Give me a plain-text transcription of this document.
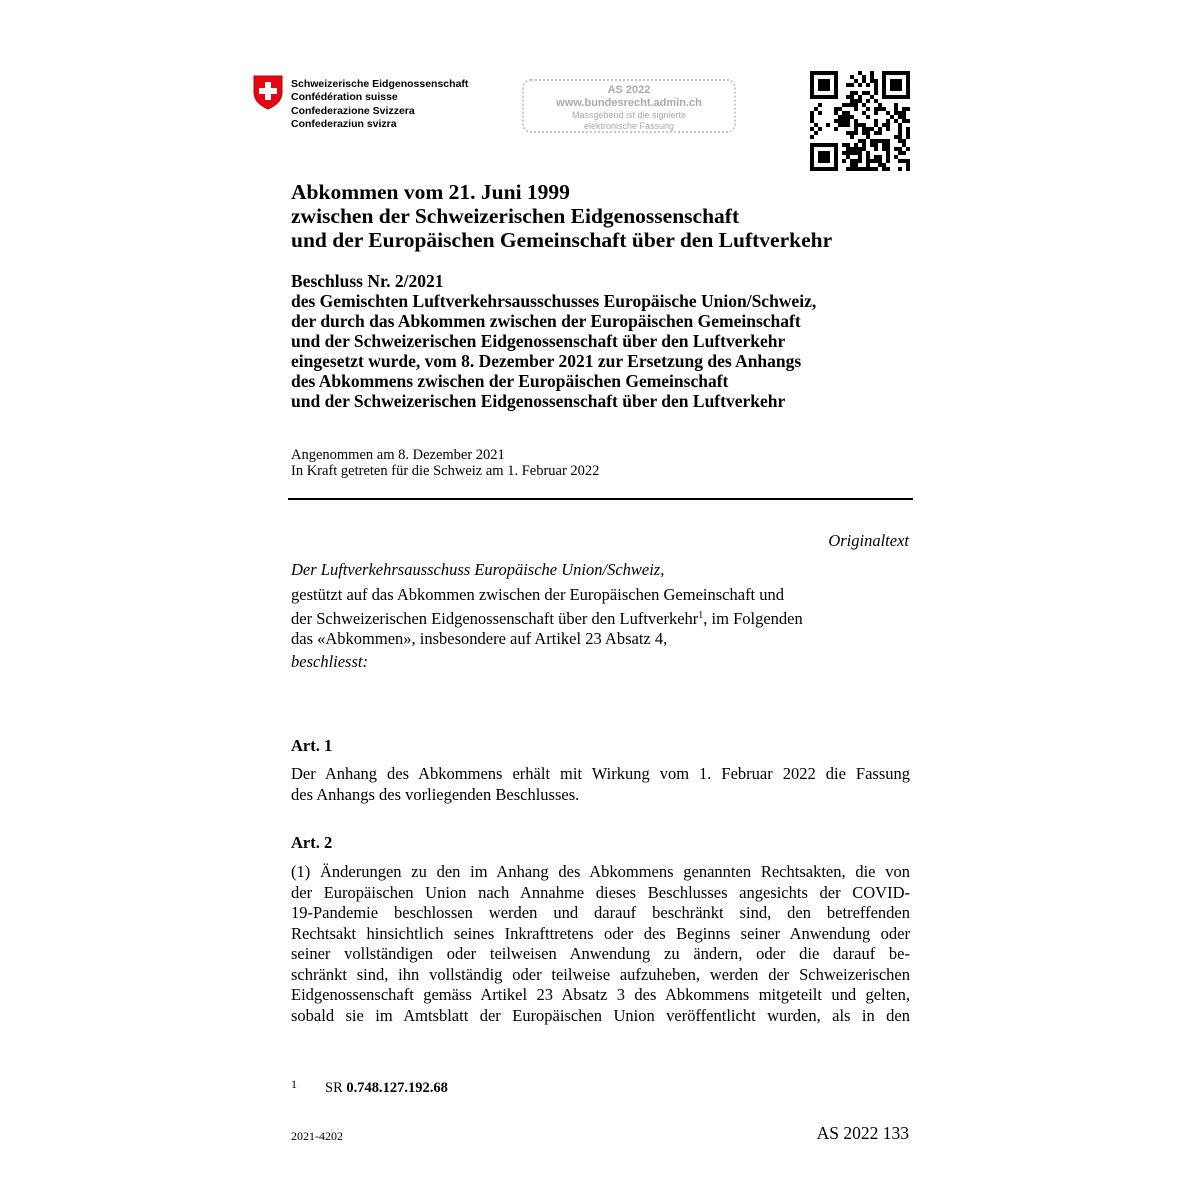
Schweizerische Eidgenossenschaft
Confédération suisse
Confederazione Svizzera
Confederaziun svizra
AS 2022
www.bundesrecht.admin.ch
Massgebend ist die signierte
elektronische Fassung
Abkommen vom 21. Juni 1999
zwischen der Schweizerischen Eidgenossenschaft
und der Europäischen Gemeinschaft über den Luftverkehr
Beschluss Nr. 2/2021
des Gemischten Luftverkehrsausschusses Europäische Union/Schweiz,
der durch das Abkommen zwischen der Europäischen Gemeinschaft
und der Schweizerischen Eidgenossenschaft über den Luftverkehr
eingesetzt wurde, vom 8. Dezember 2021 zur Ersetzung des Anhangs
des Abkommens zwischen der Europäischen Gemeinschaft
und der Schweizerischen Eidgenossenschaft über den Luftverkehr
Angenommen am 8. Dezember 2021
In Kraft getreten für die Schweiz am 1. Februar 2022
Originaltext
Der Luftverkehrsausschuss Europäische Union/Schweiz,
gestützt auf das Abkommen zwischen der Europäischen Gemeinschaft und
der Schweizerischen Eidgenossenschaft über den Luftverkehr$^1$, im Folgenden
das «Abkommen», insbesondere auf Artikel 23 Absatz 4,
beschliesst:
Art. 1
Der Anhang des Abkommens erhält mit Wirkung vom 1. Februar 2022 die Fassung
des Anhangs des vorliegenden Beschlusses.
Art. 2
(1) Änderungen zu den im Anhang des Abkommens genannten Rechtsakten, die von
der Europäischen Union nach Annahme dieses Beschlusses angesichts der COVID-
19-Pandemie beschlossen werden und darauf beschränkt sind, den betreffenden
Rechtsakt hinsichtlich seines Inkrafttretens oder des Beginns seiner Anwendung oder
seiner vollständigen oder teilweisen Anwendung zu ändern, oder die darauf be-
schränkt sind, ihn vollständig oder teilweise aufzuheben, werden der Schweizerischen
Eidgenossenschaft gemäss Artikel 23 Absatz 3 des Abkommens mitgeteilt und gelten,
sobald sie im Amtsblatt der Europäischen Union veröffentlicht wurden, als in den
1 SR 0.748.127.192.68
2021-4202	AS 2022 133
